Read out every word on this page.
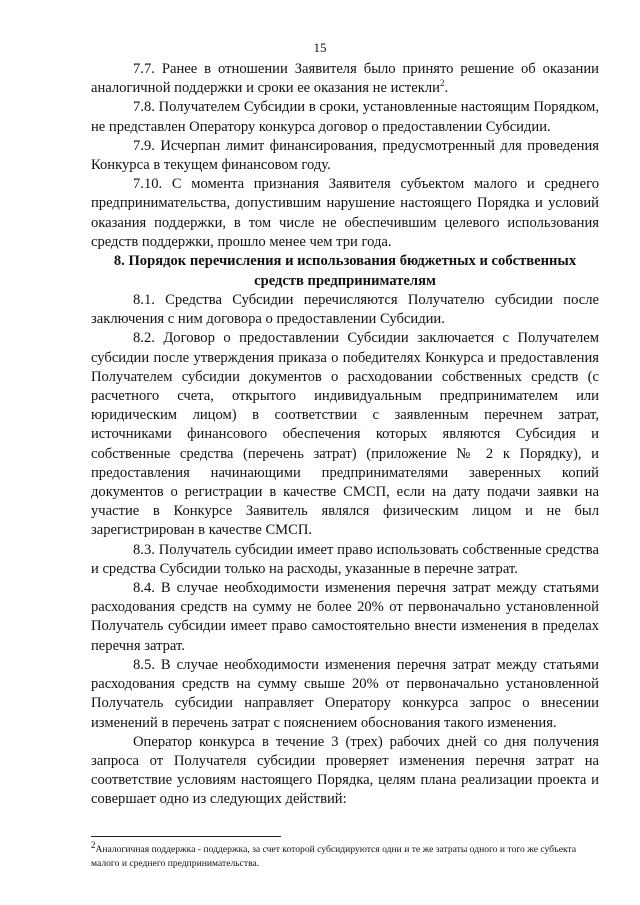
15

7.7. Ранее в отношении Заявителя было принято решение об оказании аналогичной поддержки и сроки ее оказания не истекли$^2$.

7.8. Получателем Субсидии в сроки, установленные настоящим Порядком, не представлен Оператору конкурса договор о предоставлении Субсидии.

7.9. Исчерпан лимит финансирования, предусмотренный для проведения Конкурса в текущем финансовом году.

7.10. С момента признания Заявителя субъектом малого и среднего предпринимательства, допустившим нарушение настоящего Порядка и условий оказания поддержки, в том числе не обеспечившим целевого использования средств поддержки, прошло менее чем три года.

8. Порядок перечисления и использования бюджетных и собственных
средств предпринимателям

8.1. Средства Субсидии перечисляются Получателю субсидии после заключения с ним договора о предоставлении Субсидии.

8.2. Договор о предоставлении Субсидии заключается с Получателем субсидии после утверждения приказа о победителях Конкурса и предоставления Получателем субсидии документов о расходовании собственных средств (с расчетного счета, открытого индивидуальным предпринимателем или юридическим лицом) в соответствии с заявленным перечнем затрат, источниками финансового обеспечения которых являются Субсидия и собственные средства (перечень затрат) (приложение № 2 к Порядку), и предоставления начинающими предпринимателями заверенных копий документов о регистрации в качестве СМСП, если на дату подачи заявки на участие в Конкурсе Заявитель являлся физическим лицом и не был зарегистрирован в качестве СМСП.

8.3. Получатель субсидии имеет право использовать собственные средства и средства Субсидии только на расходы, указанные в перечне затрат.

8.4. В случае необходимости изменения перечня затрат между статьями расходования средств на сумму не более 20% от первоначально установленной Получатель субсидии имеет право самостоятельно внести изменения в пределах перечня затрат.

8.5. В случае необходимости изменения перечня затрат между статьями расходования средств на сумму свыше 20% от первоначально установленной Получатель субсидии направляет Оператору конкурса запрос о внесении изменений в перечень затрат с пояснением обоснования такого изменения.

Оператор конкурса в течение 3 (трех) рабочих дней со дня получения запроса от Получателя субсидии проверяет изменения перечня затрат на соответствие условиям настоящего Порядка, целям плана реализации проекта и совершает одно из следующих действий:

$^2$Аналогичная поддержка - поддержка, за счет которой субсидируются одни и те же затраты одного и того же субъекта малого и среднего предпринимательства.
